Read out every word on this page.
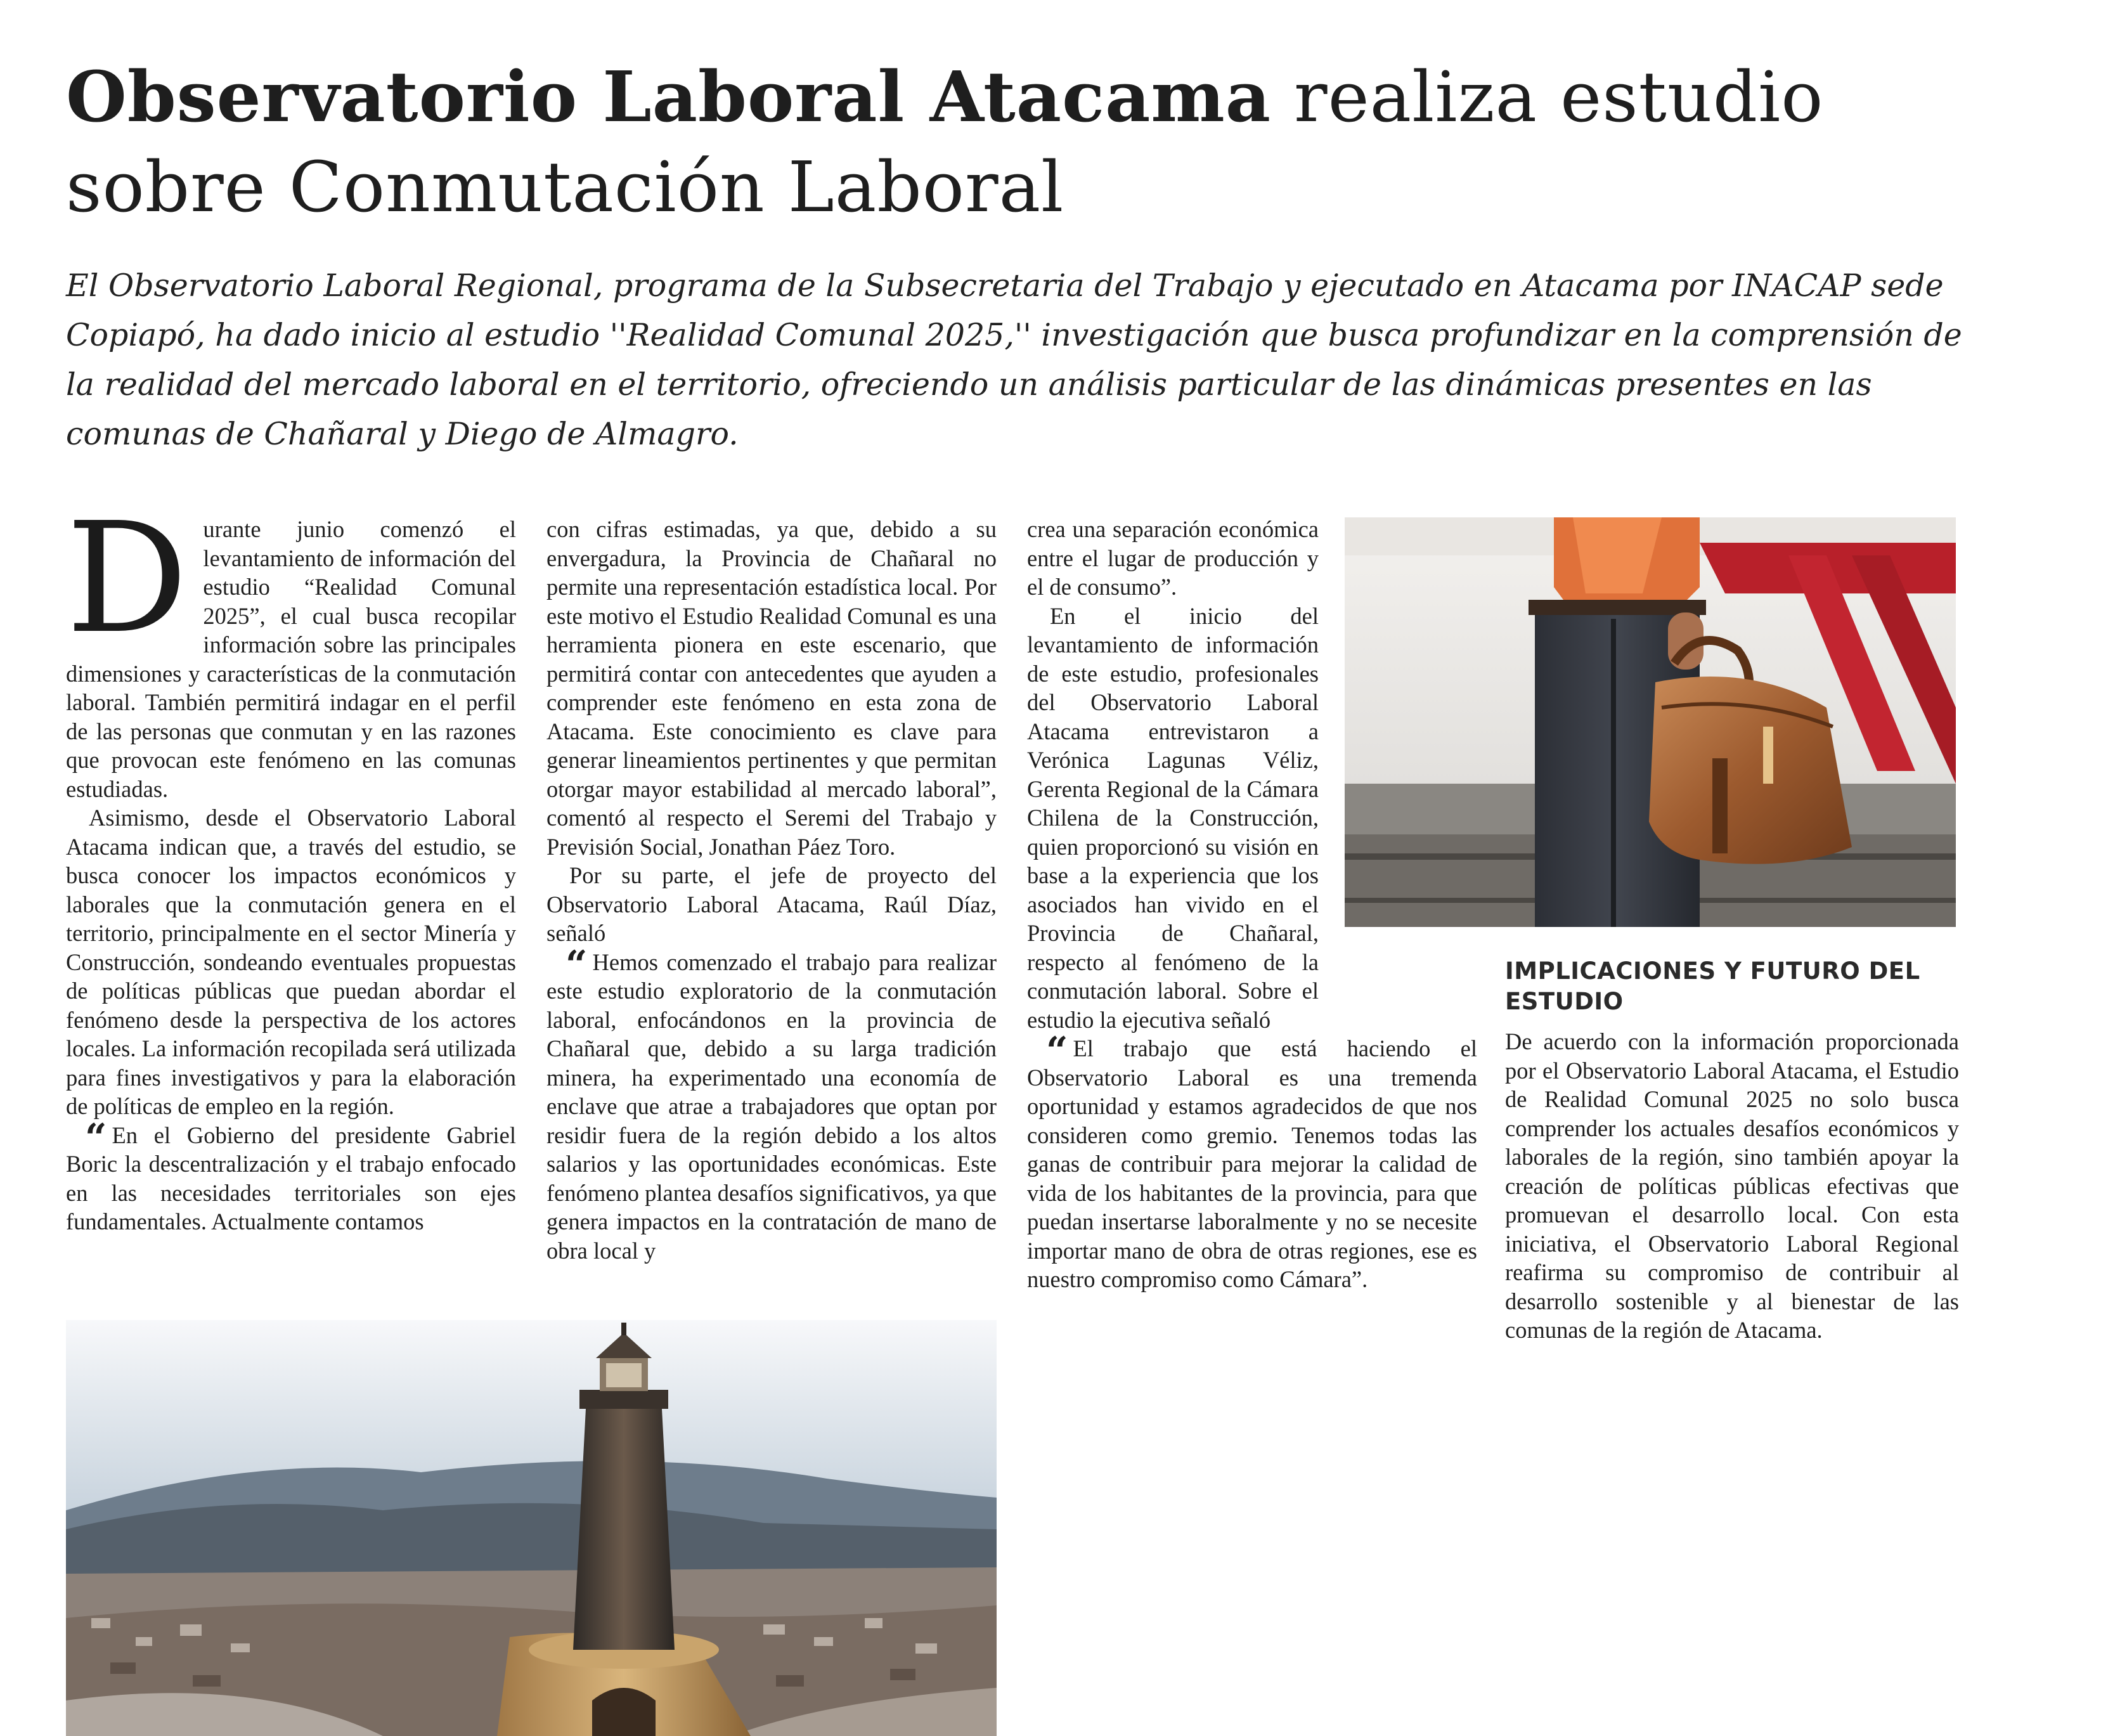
Observatorio Laboral Atacama realiza estudio sobre Conmutación Laboral

El Observatorio Laboral Regional, programa de la Subsecretaria del Trabajo y ejecutado en Atacama por INACAP sede Copiapó, ha dado inicio al estudio ''Realidad Comunal 2025,'' investigación que busca profundizar en la comprensión de la realidad del mercado laboral en el territorio, ofreciendo un análisis particular de las dinámicas presentes en las comunas de Chañaral y Diego de Almagro.

Durante junio comenzó el levantamiento de información del estudio “Realidad Comunal 2025”, el cual busca recopilar información sobre las principales dimensiones y características de la conmutación laboral. También permitirá indagar en el perfil de las personas que conmutan y en las razones que provocan este fenómeno en las comunas estudiadas.

Asimismo, desde el Observatorio Laboral Atacama indican que, a través del estudio, se busca conocer los impactos económicos y laborales que la conmutación genera en el territorio, principalmente en el sector Minería y Construcción, sondeando eventuales propuestas de políticas públicas que puedan abordar el fenómeno desde la perspectiva de los actores locales. La información recopilada será utilizada para fines investigativos y para la elaboración de políticas de empleo en la región.

“ En el Gobierno del presidente Gabriel Boric la descentralización y el trabajo enfocado en las necesidades territoriales son ejes fundamentales. Actualmente contamos

con cifras estimadas, ya que, debido a su envergadura, la Provincia de Chañaral no permite una representación estadística local. Por este motivo el Estudio Realidad Comunal es una herramienta pionera en este escenario, que permitirá contar con antecedentes que ayuden a comprender este fenómeno en esta zona de Atacama. Este conocimiento es clave para generar lineamientos pertinentes y que permitan otorgar mayor estabilidad al mercado laboral”, comentó al respecto el Seremi del Trabajo y Previsión Social, Jonathan Páez Toro.

Por su parte, el jefe de proyecto del Observatorio Laboral Atacama, Raúl Díaz, señaló

“ Hemos comenzado el trabajo para realizar este estudio exploratorio de la conmutación laboral, enfocándonos en la provincia de Chañaral que, debido a su larga tradición minera, ha experimentado una economía de enclave que atrae a trabajadores que optan por residir fuera de la región debido a los altos salarios y las oportunidades económicas. Este fenómeno plantea desafíos significativos, ya que genera impactos en la contratación de mano de obra local y

crea una separación económica entre el lugar de producción y el de consumo”.

En el inicio del levantamiento de información de este estudio, profesionales del Observatorio Laboral Atacama entrevistaron a Verónica Lagunas Véliz, Gerenta Regional de la Cámara Chilena de la Construcción, quien proporcionó su visión en base a la experiencia que los asociados han vivido en el Provincia de Chañaral, respecto al fenómeno de la conmutación laboral. Sobre el estudio la ejecutiva señaló

“ El trabajo que está haciendo el Observatorio Laboral es una tremenda oportunidad y estamos agradecidos de que nos consideren como gremio. Tenemos todas las ganas de contribuir para mejorar la calidad de vida de los habitantes de la provincia, para que puedan insertarse laboralmente y no se necesite importar mano de obra de otras regiones, ese es nuestro compromiso como Cámara”.

IMPLICACIONES Y FUTURO DEL ESTUDIO

De acuerdo con la información proporcionada por el Observatorio Laboral Atacama, el Estudio de Realidad Comunal 2025 no solo busca comprender los actuales desafíos económicos y laborales de la región, sino también apoyar la creación de políticas públicas efectivas que promuevan el desarrollo local. Con esta iniciativa, el Observatorio Laboral Regional reafirma su compromiso de contribuir al desarrollo sostenible y al bienestar de las comunas de la región de Atacama.
